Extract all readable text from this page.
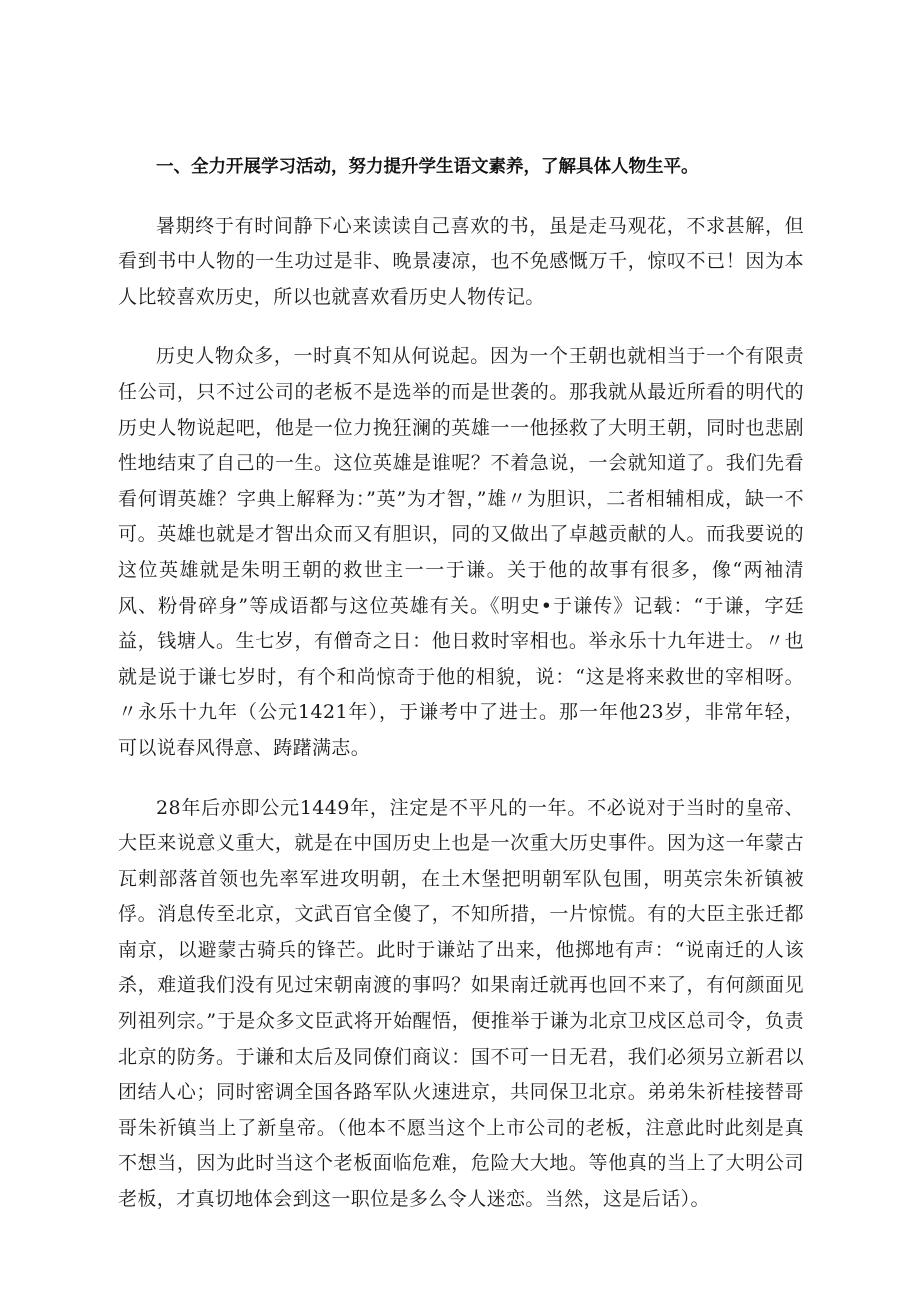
一、全力开展学习活动，努力提升学生语文素养，了解具体人物生平。

暑期终于有时间静下心来读读自己喜欢的书，虽是走马观花，不求甚解，但看到书中人物的一生功过是非、晚景凄凉，也不免感慨万千，惊叹不已！因为本人比较喜欢历史，所以也就喜欢看历史人物传记。

历史人物众多，一时真不知从何说起。因为一个王朝也就相当于一个有限责任公司，只不过公司的老板不是选举的而是世袭的。那我就从最近所看的明代的历史人物说起吧，他是一位力挽狂澜的英雄一一他拯救了大明王朝，同时也悲剧性地结束了自己的一生。这位英雄是谁呢？不着急说，一会就知道了。我们先看看何谓英雄？字典上解释为：”英”为才智，”雄〃为胆识，二者相辅相成，缺一不可。英雄也就是才智出众而又有胆识，同的又做出了卓越贡献的人。而我要说的这位英雄就是朱明王朝的救世主一一于谦。关于他的故事有很多，像“两袖清风、粉骨碎身”等成语都与这位英雄有关。《明史•于谦传》记载：“于谦，字廷益，钱塘人。生七岁，有僧奇之日：他日救时宰相也。举永乐十九年进士。〃也就是说于谦七岁时，有个和尚惊奇于他的相貌，说：“这是将来救世的宰相呀。〃永乐十九年（公元1421年），于谦考中了进士。那一年他23岁，非常年轻，可以说春风得意、踌躇满志。

28年后亦即公元1449年，注定是不平凡的一年。不必说对于当时的皇帝、大臣来说意义重大，就是在中国历史上也是一次重大历史事件。因为这一年蒙古瓦剌部落首领也先率军进攻明朝，在土木堡把明朝军队包围，明英宗朱祈镇被俘。消息传至北京，文武百官全傻了，不知所措，一片惊慌。有的大臣主张迁都南京，以避蒙古骑兵的锋芒。此时于谦站了出来，他掷地有声：“说南迁的人该杀，难道我们没有见过宋朝南渡的事吗？如果南迁就再也回不来了，有何颜面见列祖列宗。”于是众多文臣武将开始醒悟，便推举于谦为北京卫戍区总司令，负责北京的防务。于谦和太后及同僚们商议：国不可一日无君，我们必须另立新君以团结人心；同时密调全国各路军队火速进京，共同保卫北京。弟弟朱祈桂接替哥哥朱祈镇当上了新皇帝。（他本不愿当这个上市公司的老板，注意此时此刻是真不想当，因为此时当这个老板面临危难，危险大大地。等他真的当上了大明公司老板，才真切地体会到这一职位是多么令人迷恋。当然，这是后话）。
